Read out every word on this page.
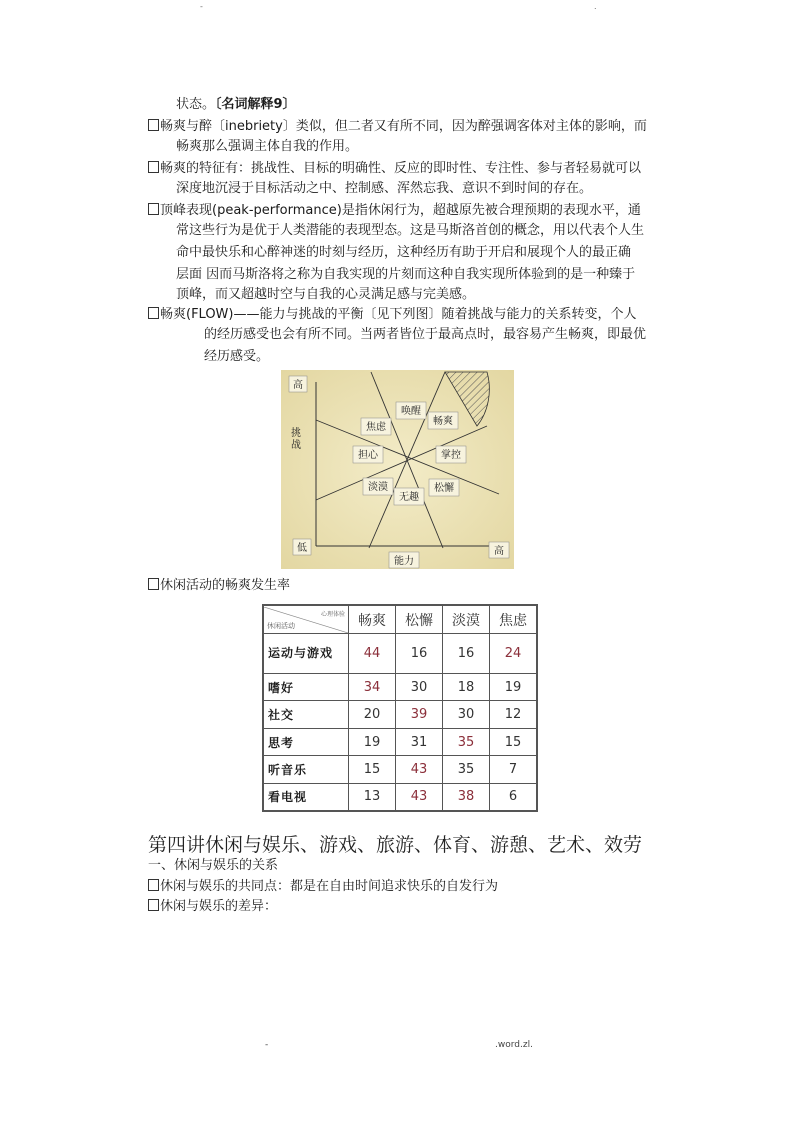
-	.
状态。〔名词解释9〕
畅爽与醉〔inebriety〕类似，但二者又有所不同，因为醉强调客体对主体的影响，而
畅爽那么强调主体自我的作用。
畅爽的特征有：挑战性、目标的明确性、反应的即时性、专注性、参与者轻易就可以
深度地沉浸于目标活动之中、控制感、浑然忘我、意识不到时间的存在。
顶峰表现(peak-performance)是指休闲行为，超越原先被合理预期的表现水平，通
常这些行为是优于人类潜能的表现型态。这是马斯洛首创的概念，用以代表个人生
命中最快乐和心醉神迷的时刻与经历，这种经历有助于开启和展现个人的最正确
层面 因而马斯洛将之称为自我实现的片刻而这种自我实现所体验到的是一种臻于
顶峰，而又超越时空与自我的心灵满足感与完美感。
畅爽(FLOW)——能力与挑战的平衡〔见下列图〕随着挑战与能力的关系转变，个人
的经历感受也会有所不同。当两者皆位于最高点时，最容易产生畅爽，即最优
经历感受。
高
挑
战
低
能力
高
焦虑
唤醒
畅爽
担心	掌控
淡漠
无趣
松懈
休闲活动的畅爽发生率
心理体验
休闲活动	畅爽	松懈	淡漠	焦虑
运动与游戏	44	16	16	24
嗜好	34	30	18	19
社交	20	39	30	12
思考	19	31	35	15
听音乐	15	43	35	7
看电视	13	43	38	6
第四讲休闲与娱乐、游戏、旅游、体育、游憩、艺术、效劳
一、休闲与娱乐的关系
休闲与娱乐的共同点：都是在自由时间追求快乐的自发行为
休闲与娱乐的差异：
-	.word.zl.
